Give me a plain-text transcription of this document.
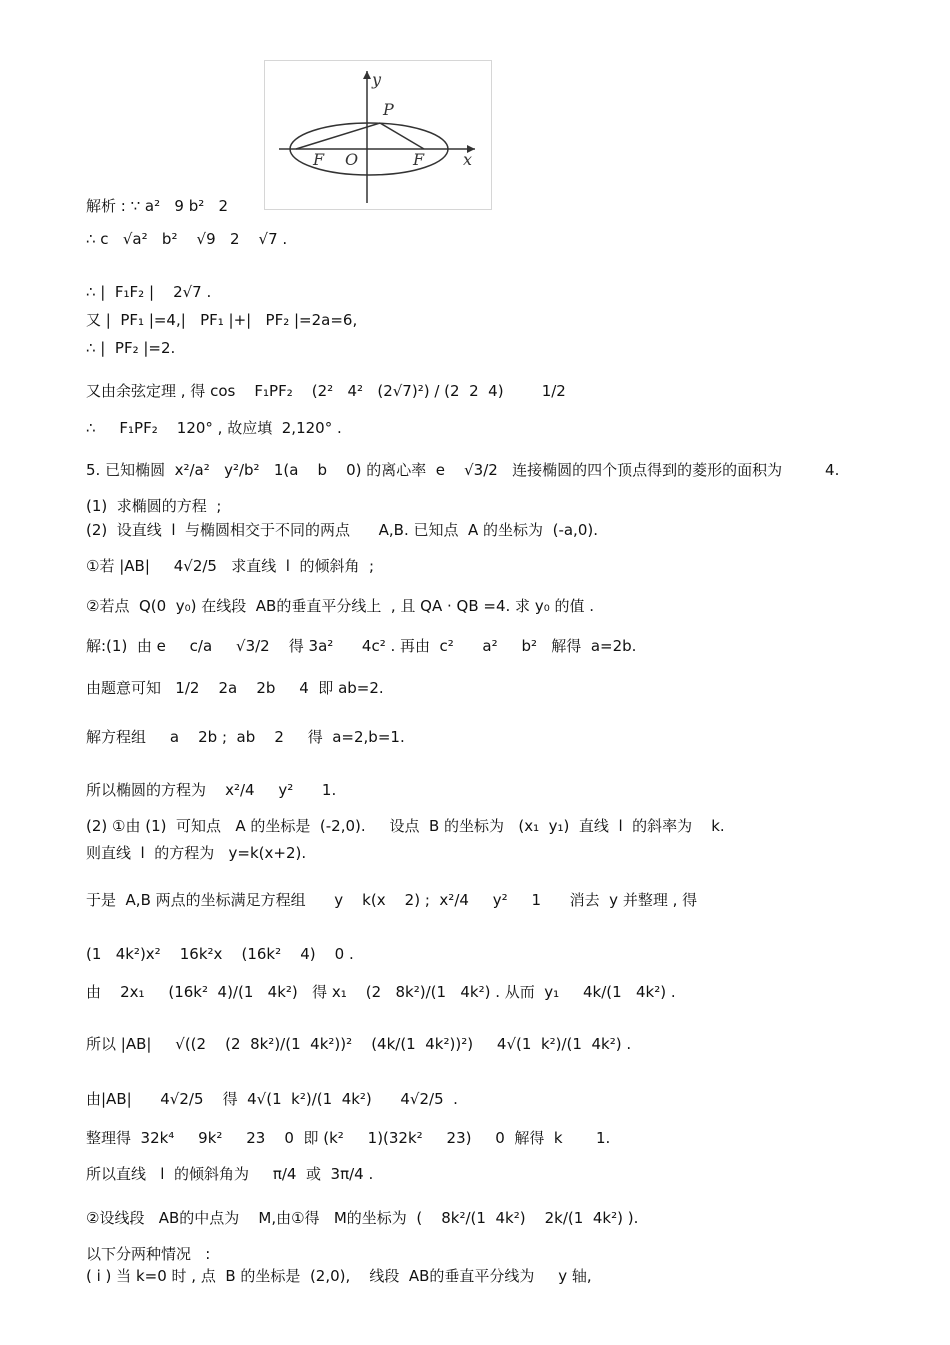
y
x
P
O
F	F
解析 : ∵ a²   9 b²   2
∴ c   √a²   b²    √9   2    √7 .
∴ |  F₁F₂ |    2√7 .
又 |  PF₁ |=4,|   PF₁ |+|   PF₂ |=2a=6,
∴ |  PF₂ |=2.
又由余弦定理 , 得 cos    F₁PF₂    (2²   4²   (2√7)²) / (2  2  4)        1/2
∴     F₁PF₂    120° , 故应填  2,120° .
5. 已知椭圆  x²/a²   y²/b²   1(a    b    0) 的离心率  e    √3/2   连接椭圆的四个顶点得到的菱形的面积为         4.
(1)  求椭圆的方程  ;
(2)  设直线  l  与椭圆相交于不同的两点      A,B. 已知点  A 的坐标为  (-a,0).
①若 |AB|     4√2/5   求直线  l  的倾斜角  ;
②若点  Q(0  y₀) 在线段  AB的垂直平分线上  , 且 QA · QB =4. 求 y₀ 的值 .
解:(1)  由 e     c/a     √3/2    得 3a²      4c² . 再由  c²      a²     b²   解得  a=2b.
由题意可知   1/2    2a    2b     4  即 ab=2.
解方程组     a    2b ;  ab    2     得  a=2,b=1.
所以椭圆的方程为    x²/4     y²      1.
(2) ①由 (1)  可知点   A 的坐标是  (-2,0).     设点  B 的坐标为   (x₁  y₁)  直线  l  的斜率为    k.
则直线  l  的方程为   y=k(x+2).
于是  A,B 两点的坐标满足方程组      y    k(x    2) ;  x²/4     y²     1      消去  y 并整理 , 得
(1   4k²)x²    16k²x    (16k²    4)    0 .
由    2x₁     (16k²  4)/(1   4k²)   得 x₁    (2   8k²)/(1   4k²) . 从而  y₁     4k/(1   4k²) .
所以 |AB|     √((2    (2  8k²)/(1  4k²))²    (4k/(1  4k²))²)     4√(1  k²)/(1  4k²) .
由|AB|      4√2/5    得  4√(1  k²)/(1  4k²)      4√2/5  .
整理得  32k⁴     9k²     23    0  即 (k²     1)(32k²     23)     0  解得  k       1.
所以直线   l  的倾斜角为     π/4  或  3π/4 .
②设线段   AB的中点为    M,由①得   M的坐标为  (    8k²/(1  4k²)    2k/(1  4k²) ).
以下分两种情况   :
( i ) 当 k=0 时 , 点  B 的坐标是  (2,0),    线段  AB的垂直平分线为     y 轴,
